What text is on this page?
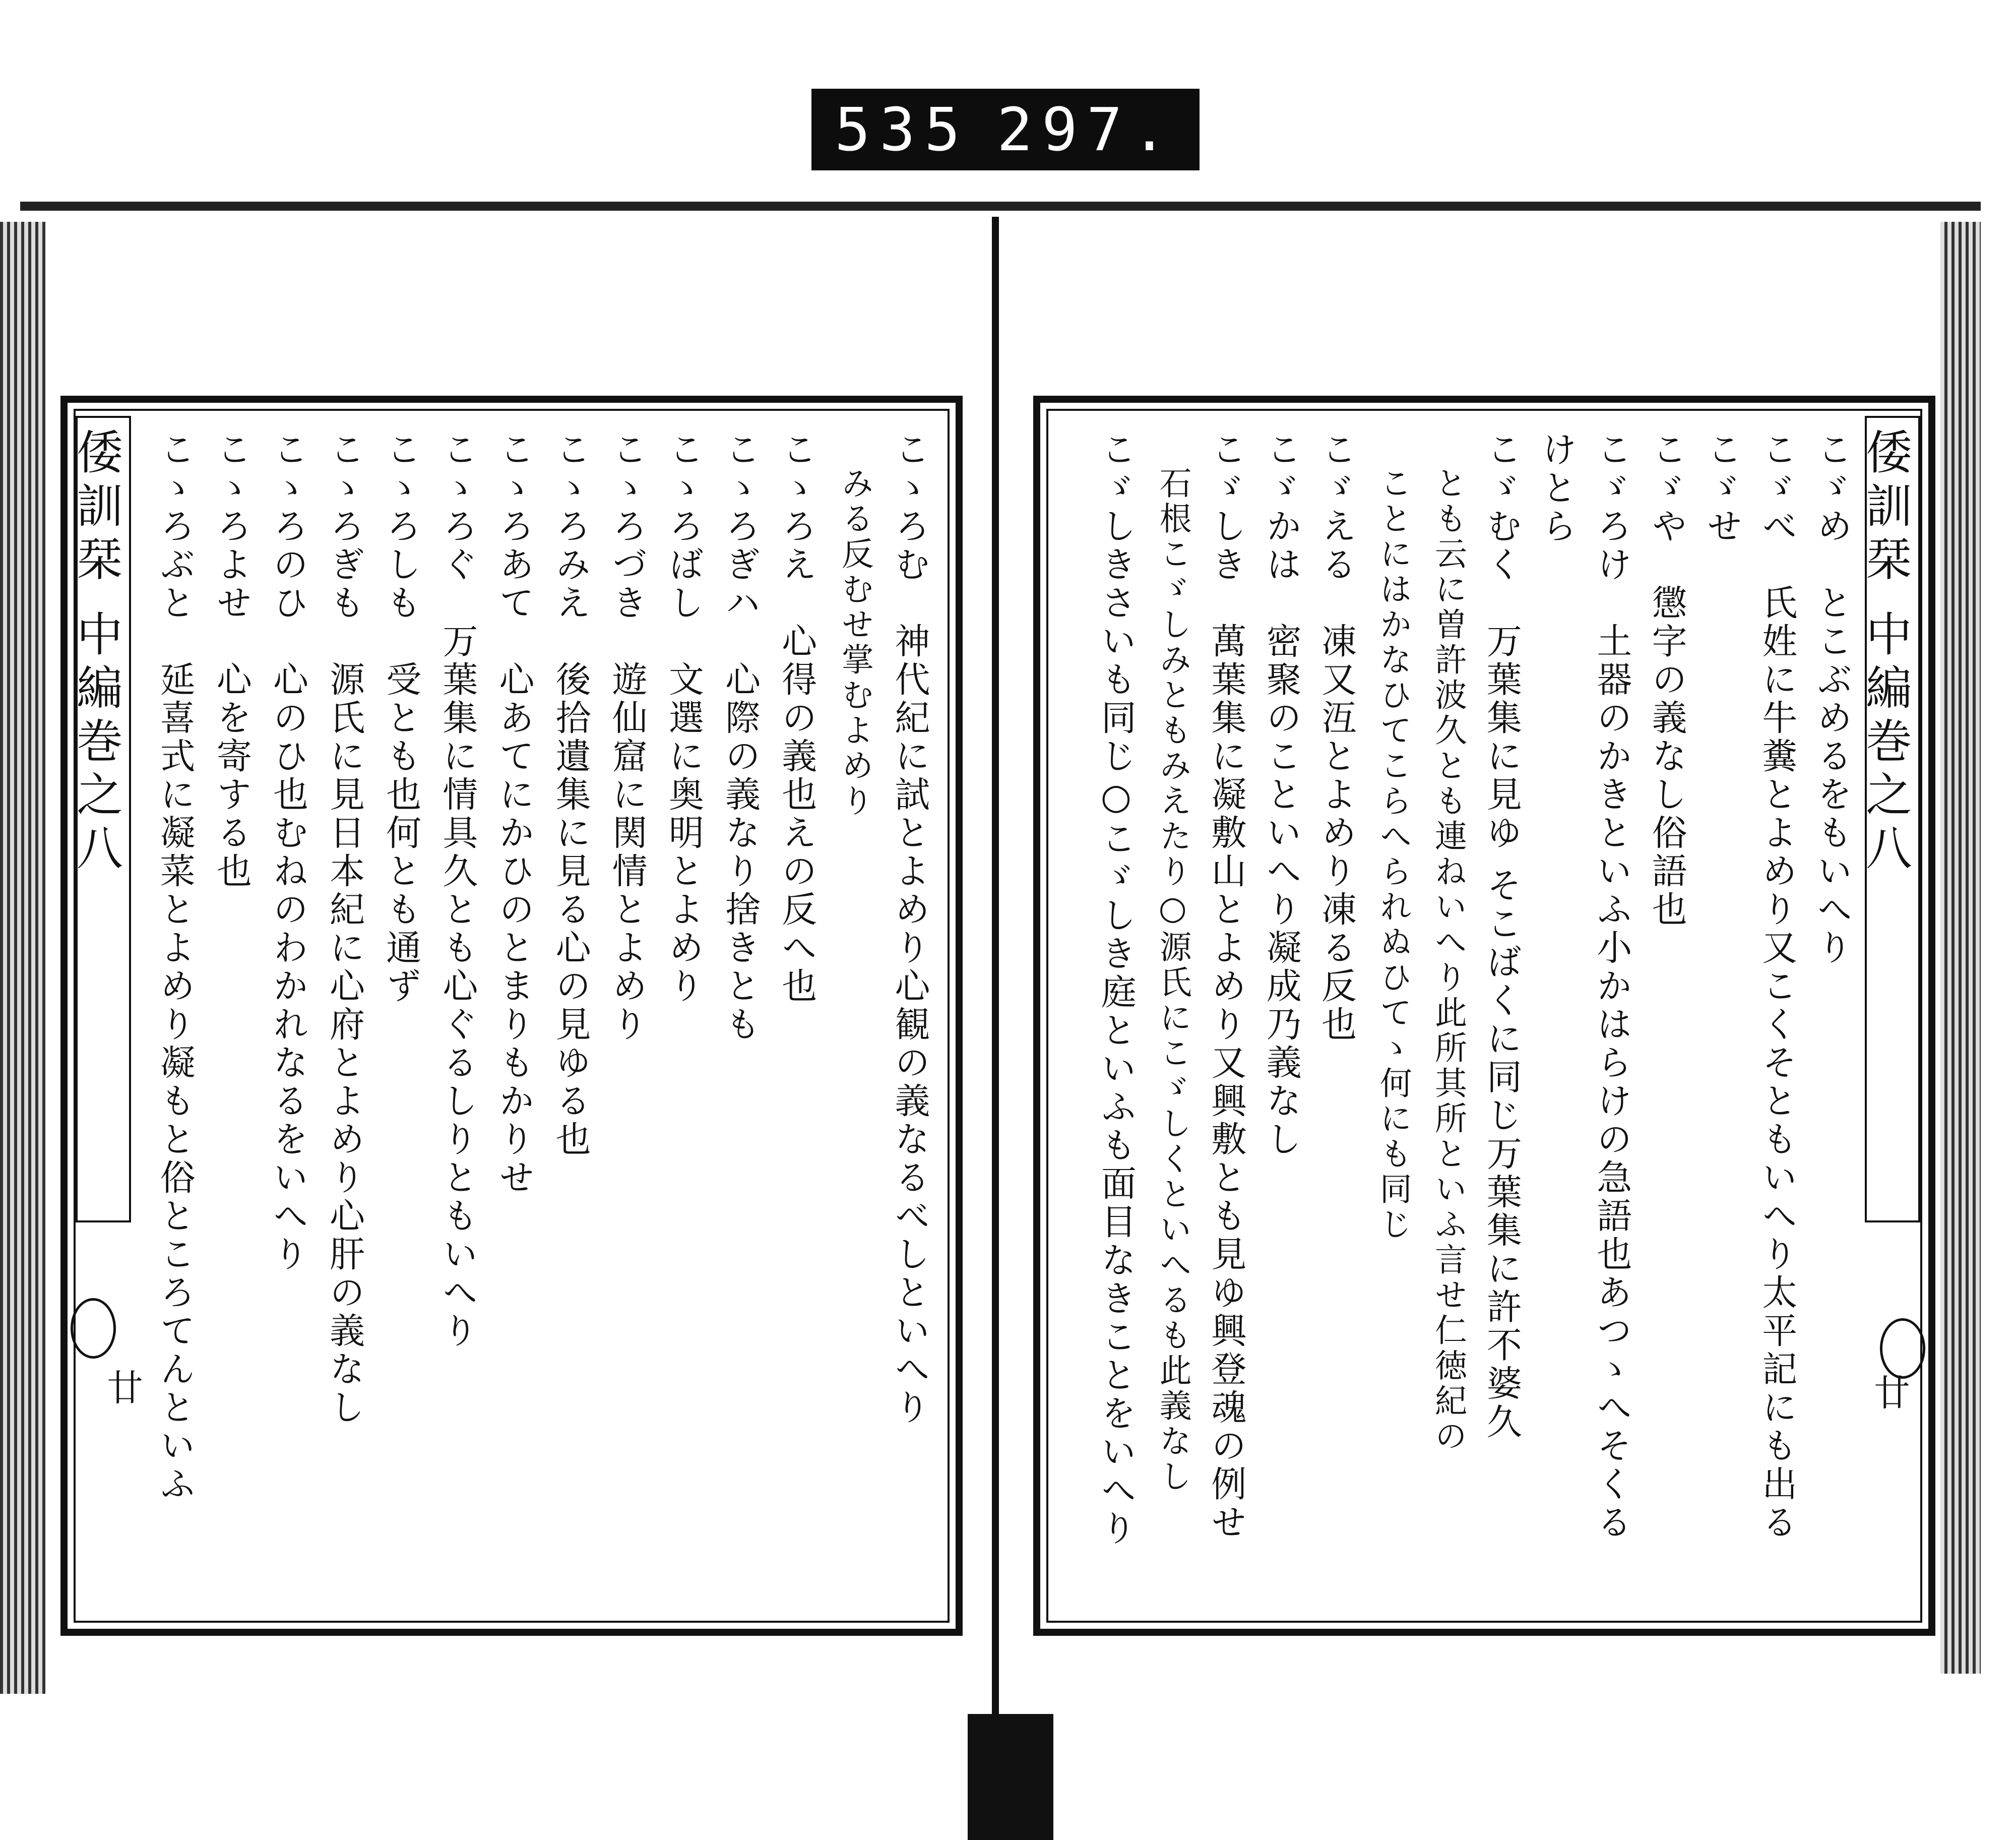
535 297.
倭訓栞 中編巻之八
廿	こゝろむ　神代紀に試とよめり心観の義なるべしといへり

　みる反むせ掌むよめり

こゝろえ　心得の義也えの反へ也

こゝろぎハ　心際の義なり捨きとも

こゝろばし　文選に奥明とよめり

こゝろづき　遊仙窟に関情とよめり

こゝろみえ　後拾遺集に見る心の見ゆる也

こゝろあて　心あてにかひのとまりもかりせ

こゝろぐ　万葉集に情具久とも心ぐるしりともいへり

こゝろしも　受とも也何とも通ず

こゝろぎも　源氏に見日本紀に心府とよめり心肝の義なし

こゝろのひ　心のひ也むねのわかれなるをいへり

こゝろよせ　心を寄する也

こゝろぶと　延喜式に凝菜とよめり凝もと俗ところてんといふ	倭訓栞 中編巻之八
廿

こゞめ　とこぶめるをもいへり

こゞべ　氏姓に牛糞とよめり又こくそともいへり太平記にも出る

こゞせ

こゞや　懲字の義なし俗語也

こゞろけ　土器のかきといふ小かはらけの急語也あつゝへそくる

けとら

こゞむく　万葉集に見ゆ そこばくに同じ万葉集に許不婆久

　とも云に曽許波久とも連ねいへり此所其所といふ言せ仁徳紀の

　ことにはかなひてこらへられぬひてゝ何にも同じ

こゞえる　凍又沍とよめり凍る反也

こゞかは　密聚のこといへり凝成乃義なし

こゞしき　萬葉集に凝敷山とよめり又興敷とも見ゆ興登魂の例せ

　石根こゞしみともみえたり○源氏にこゞしくといへるも此義なし

こゞしきさいも同じ○こゞしき庭といふも面目なきことをいへり
